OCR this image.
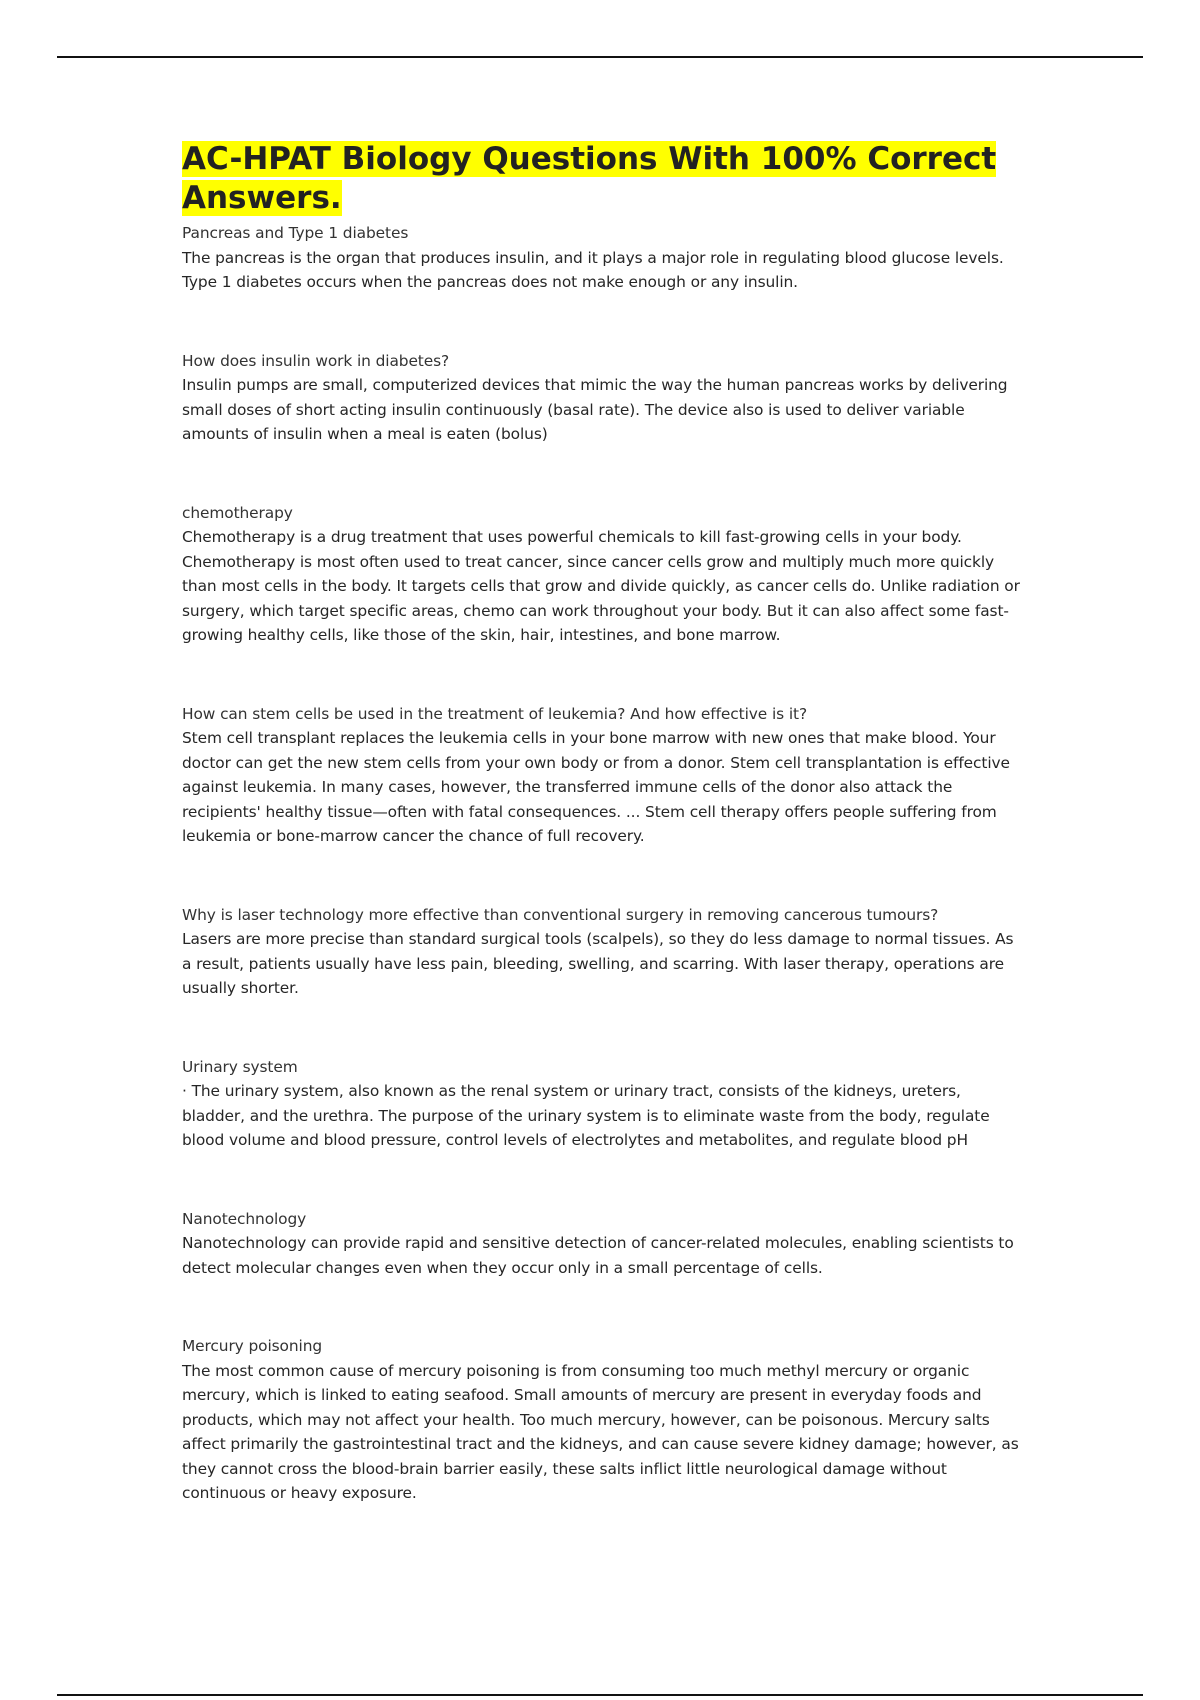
AC-HPAT Biology Questions With 100% Correct Answers.

Pancreas and Type 1 diabetes

The pancreas is the organ that produces insulin, and it plays a major role in regulating blood glucose levels. Type 1 diabetes occurs when the pancreas does not make enough or any insulin.

How does insulin work in diabetes?

Insulin pumps are small, computerized devices that mimic the way the human pancreas works by delivering small doses of short acting insulin continuously (basal rate). The device also is used to deliver variable amounts of insulin when a meal is eaten (bolus)

chemotherapy

Chemotherapy is a drug treatment that uses powerful chemicals to kill fast-growing cells in your body. Chemotherapy is most often used to treat cancer, since cancer cells grow and multiply much more quickly than most cells in the body. It targets cells that grow and divide quickly, as cancer cells do. Unlike radiation or surgery, which target specific areas, chemo can work throughout your body. But it can also affect some fast-growing healthy cells, like those of the skin, hair, intestines, and bone marrow.

How can stem cells be used in the treatment of leukemia? And how effective is it?

Stem cell transplant replaces the leukemia cells in your bone marrow with new ones that make blood. Your doctor can get the new stem cells from your own body or from a donor. Stem cell transplantation is effective against leukemia. In many cases, however, the transferred immune cells of the donor also attack the recipients' healthy tissue—often with fatal consequences. ... Stem cell therapy offers people suffering from leukemia or bone-marrow cancer the chance of full recovery.

Why is laser technology more effective than conventional surgery in removing cancerous tumours?

Lasers are more precise than standard surgical tools (scalpels), so they do less damage to normal tissues. As a result, patients usually have less pain, bleeding, swelling, and scarring. With laser therapy, operations are usually shorter.

Urinary system

· The urinary system, also known as the renal system or urinary tract, consists of the kidneys, ureters, bladder, and the urethra. The purpose of the urinary system is to eliminate waste from the body, regulate blood volume and blood pressure, control levels of electrolytes and metabolites, and regulate blood pH

Nanotechnology

Nanotechnology can provide rapid and sensitive detection of cancer-related molecules, enabling scientists to detect molecular changes even when they occur only in a small percentage of cells.

Mercury poisoning

The most common cause of mercury poisoning is from consuming too much methyl mercury or organic mercury, which is linked to eating seafood. Small amounts of mercury are present in everyday foods and products, which may not affect your health. Too much mercury, however, can be poisonous. Mercury salts affect primarily the gastrointestinal tract and the kidneys, and can cause severe kidney damage; however, as they cannot cross the blood-brain barrier easily, these salts inflict little neurological damage without continuous or heavy exposure.
